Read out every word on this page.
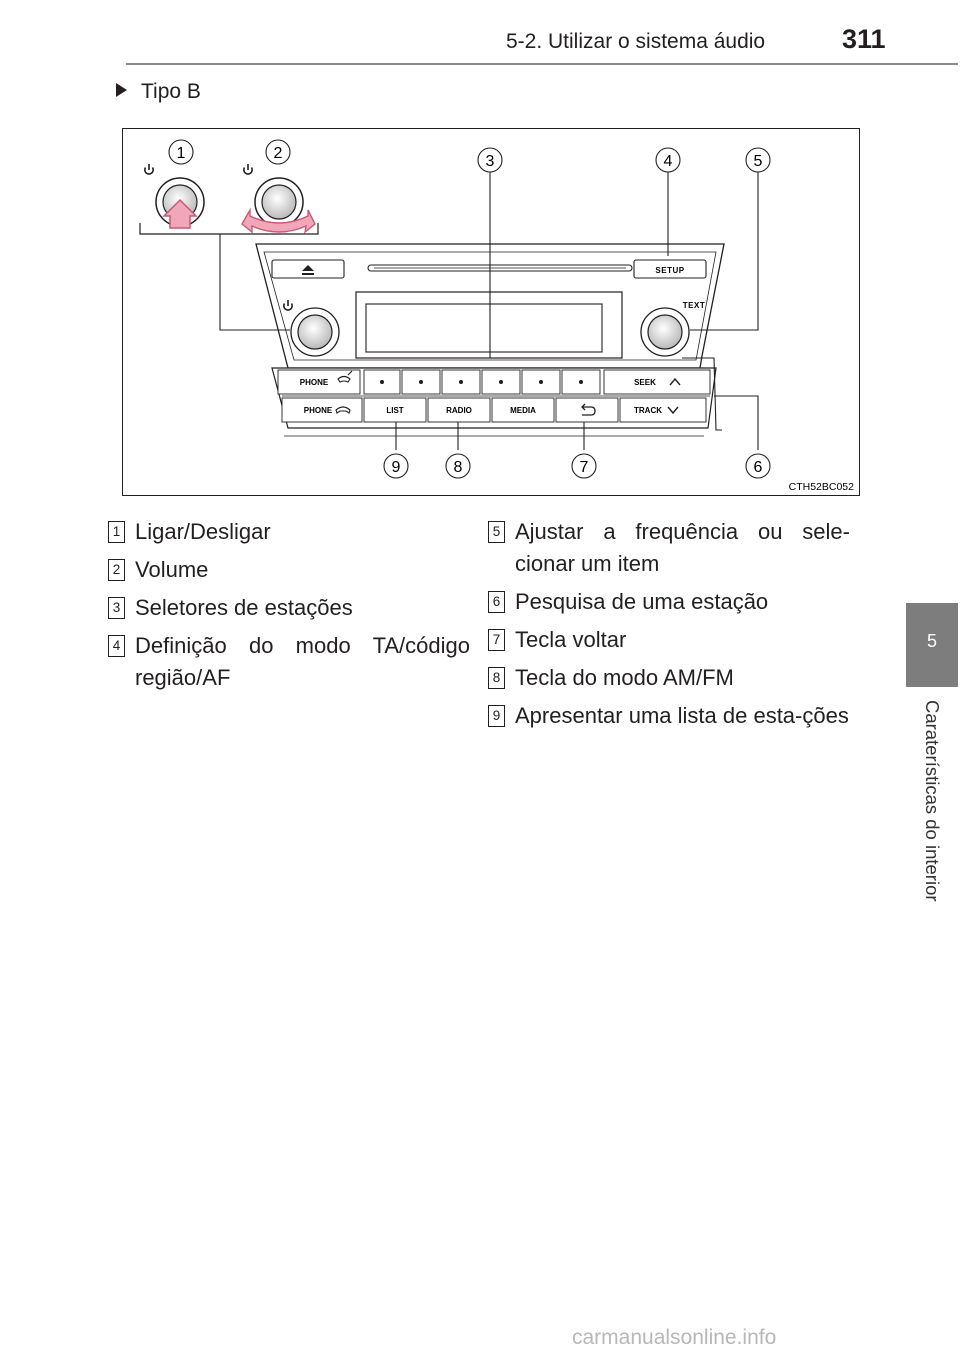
5-2. Utilizar o sistema áudio	311
5
Caraterísticas do interior
Tipo B
SETUP
TEXT
PHONE	SEEK
PHONE	LIST	RADIO	MEDIA	TRACK
1	2	3	4	5
6
7
8
9
CTH52BC052
1 Ligar/Desligar
2 Volume
3 Seletores de estações
4 Definição do modo TA/código região/AF
5 Ajustar a frequência ou sele-cionar um item
6 Pesquisa de uma estação
7 Tecla voltar
8 Tecla do modo AM/FM
9 Apresentar uma lista de esta-ções
carmanualsonline.info
